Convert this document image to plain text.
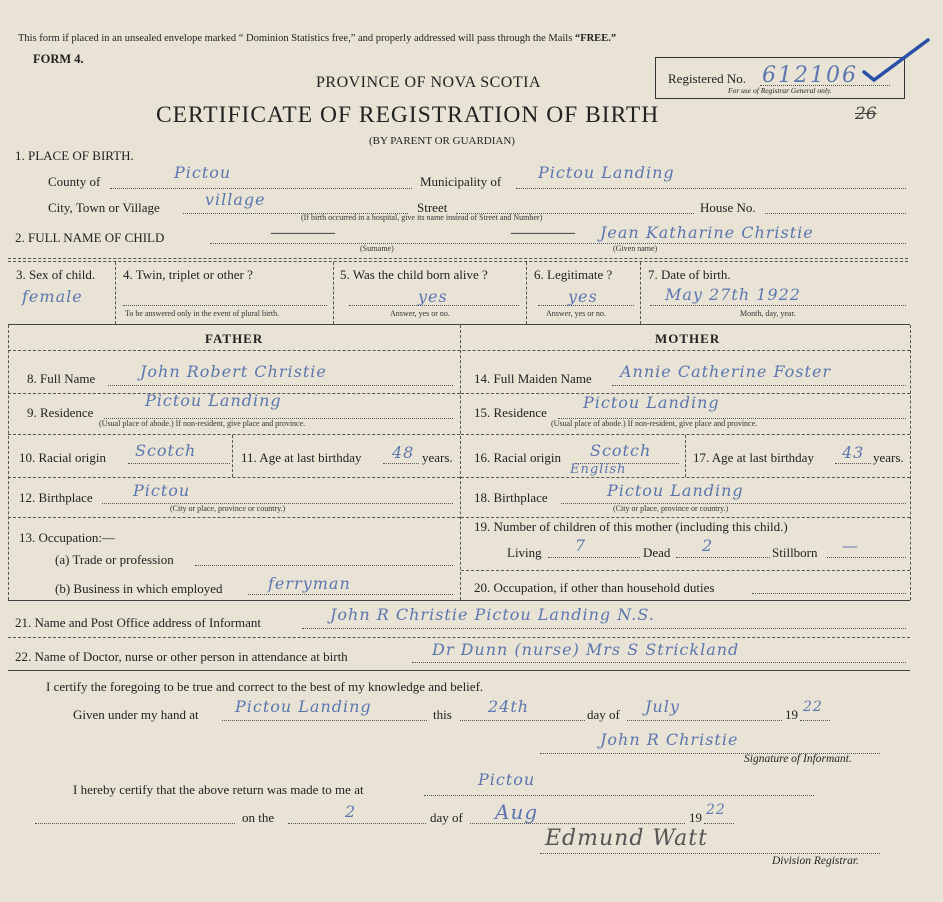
This form if placed in an unsealed envelope marked “ Dominion Statistics free,” and properly addressed will pass through the Mails “FREE.”
FORM 4.
PROVINCE OF NOVA SCOTIA
CERTIFICATE OF REGISTRATION OF BIRTH
(BY PARENT OR GUARDIAN)
Registered No. 612106
For use of Registrar General only.
26
1. PLACE OF BIRTH.
County of	Pictou	Municipality of Pictou Landing
City, Town or Village	village	Street	House No.
(If birth occurred in a hospital, give its name instead of Street and Number)
2. FULL NAME OF CHILD	————	———— Jean Katharine Christie
(Surname)	(Given name)
3. Sex of child.
female
4. Twin, triplet or other ?
To be answered only in the event of plural birth.
5. Was the child born alive ?
yes
Answer, yes or no.
6. Legitimate ?
yes
Answer, yes or no.
7. Date of birth.
May 27th 1922
Month, day, year.
FATHER	MOTHER
8. Full Name	John Robert Christie
9. Residence
Pictou Landing
(Usual place of abode.) If non-resident, give place and province.
10. Racial origin Scotch	11. Age at last birthday 48 years.
12. Birthplace	Pictou
(City or place, province or country.)
13. Occupation:—
(a) Trade or profession
(b) Business in which employed	ferryman
14. Full Maiden Name Annie Catherine Foster
15. Residence
Pictou Landing
(Usual place of abode.) If non-resident, give place and province.
16. Racial origin Scotch	17. Age at last birthday 43 years.
English
18. Birthplace	Pictou Landing
(City or place, province or country.)
19. Number of children of this mother (including this child.)
Living 7	Dead 2	Stillborn —
20. Occupation, if other than household duties
21. Name and Post Office address of Informant	John R Christie Pictou Landing N.S.
22. Name of Doctor, nurse or other person in attendance at birth	Dr Dunn (nurse) Mrs S Strickland
I certify the foregoing to be true and correct to the best of my knowledge and belief.
Given under my hand at Pictou Landing	this 24th	day of July	19 22
John R Christie
Signature of Informant.
I hereby certify that the above return was made to me at
Pictou
on the	2	day of Aug	19 22
Edmund Watt
Division Registrar.
